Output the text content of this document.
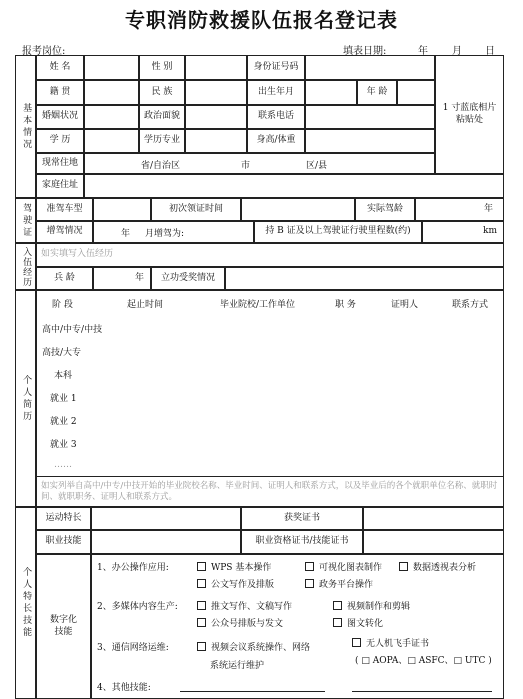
专职消防救援队伍报名登记表
报考岗位:	填表日期:	年 月 日
基本情况
姓 名	性 别	身份证号码
籍 贯	民 族	出生年月	年 龄
婚姻状况	政治面貌	联系电话
学 历	学历专业	身高/体重
1 寸蓝底相片粘贴处
现常住地	省/自治区	市	区/县
家庭住址
驾驶证	准驾车型	初次领证时间	实际驾龄	年
增驾情况	年 月增驾为:	持 B 证及以上驾驶证行驶里程数(约)	km
入伍经历	如实填写入伍经历
兵 龄	年	立功受奖情况
个人简历
阶 段	起止时间	毕业院校/工作单位	职 务	证明人	联系方式
高中/中专/中技
高技/大专
本科
就业 1
就业 2
就业 3
……
如实列举自高中/中专/中技开始的毕业院校名称、毕业时间、证明人和联系方式，以及毕业后的各个就职单位名称、就职时间、就职职务、证明人和联系方式。
个人特长技能
运动特长	获奖证书
职业技能	职业资格证书/技能证书
数字化技能
1、办公操作应用:	WPS 基本操作	可视化图表制作	数据透视表分析
公文写作及排版	政务平台操作
2、多媒体内容生产:	推文写作、文稿写作	视频制作和剪辑
公众号排版与发文	图文转化
3、通信网络运维:	视频会议系统操作、网络
系统运行维护
无人机飞手证书
( □ AOPA、□ ASFC、□ UTC )
4、其他技能:
